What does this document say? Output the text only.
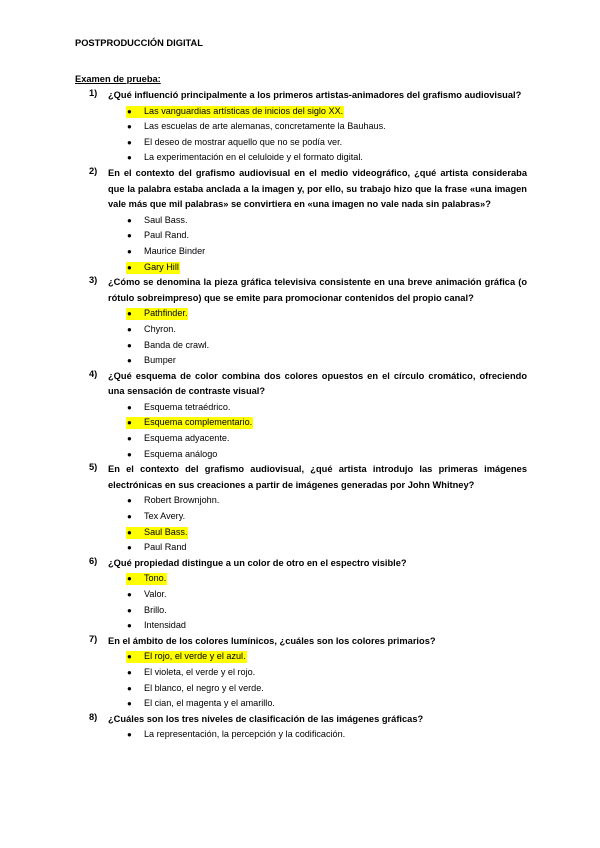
POSTPRODUCCIÓN DIGITAL
Examen de prueba:
1) ¿Qué influenció principalmente a los primeros artistas-animadores del grafismo audiovisual?
● Las vanguardias artísticas de inicios del siglo XX.
● Las escuelas de arte alemanas, concretamente la Bauhaus.
● El deseo de mostrar aquello que no se podía ver.
● La experimentación en el celuloide y el formato digital.
2) En el contexto del grafismo audiovisual en el medio videográfico, ¿qué artista consideraba que la palabra estaba anclada a la imagen y, por ello, su trabajo hizo que la frase «una imagen vale más que mil palabras» se convirtiera en «una imagen no vale nada sin palabras»?
● Saul Bass.
● Paul Rand.
● Maurice Binder
● Gary Hill
3) ¿Cómo se denomina la pieza gráfica televisiva consistente en una breve animación gráfica (o rótulo sobreimpreso) que se emite para promocionar contenidos del propio canal?
● Pathfinder.
● Chyron.
● Banda de crawl.
● Bumper
4) ¿Qué esquema de color combina dos colores opuestos en el círculo cromático, ofreciendo una sensación de contraste visual?
● Esquema tetraédrico.
● Esquema complementario.
● Esquema adyacente.
● Esquema análogo
5) En el contexto del grafismo audiovisual, ¿qué artista introdujo las primeras imágenes electrónicas en sus creaciones a partir de imágenes generadas por John Whitney?
● Robert Brownjohn.
● Tex Avery.
● Saul Bass.
● Paul Rand
6) ¿Qué propiedad distingue a un color de otro en el espectro visible?
● Tono.
● Valor.
● Brillo.
● Intensidad
7) En el ámbito de los colores lumínicos, ¿cuáles son los colores primarios?
● El rojo, el verde y el azul.
● El violeta, el verde y el rojo.
● El blanco, el negro y el verde.
● El cian, el magenta y el amarillo.
8) ¿Cuáles son los tres niveles de clasificación de las imágenes gráficas?
● La representación, la percepción y la codificación.
